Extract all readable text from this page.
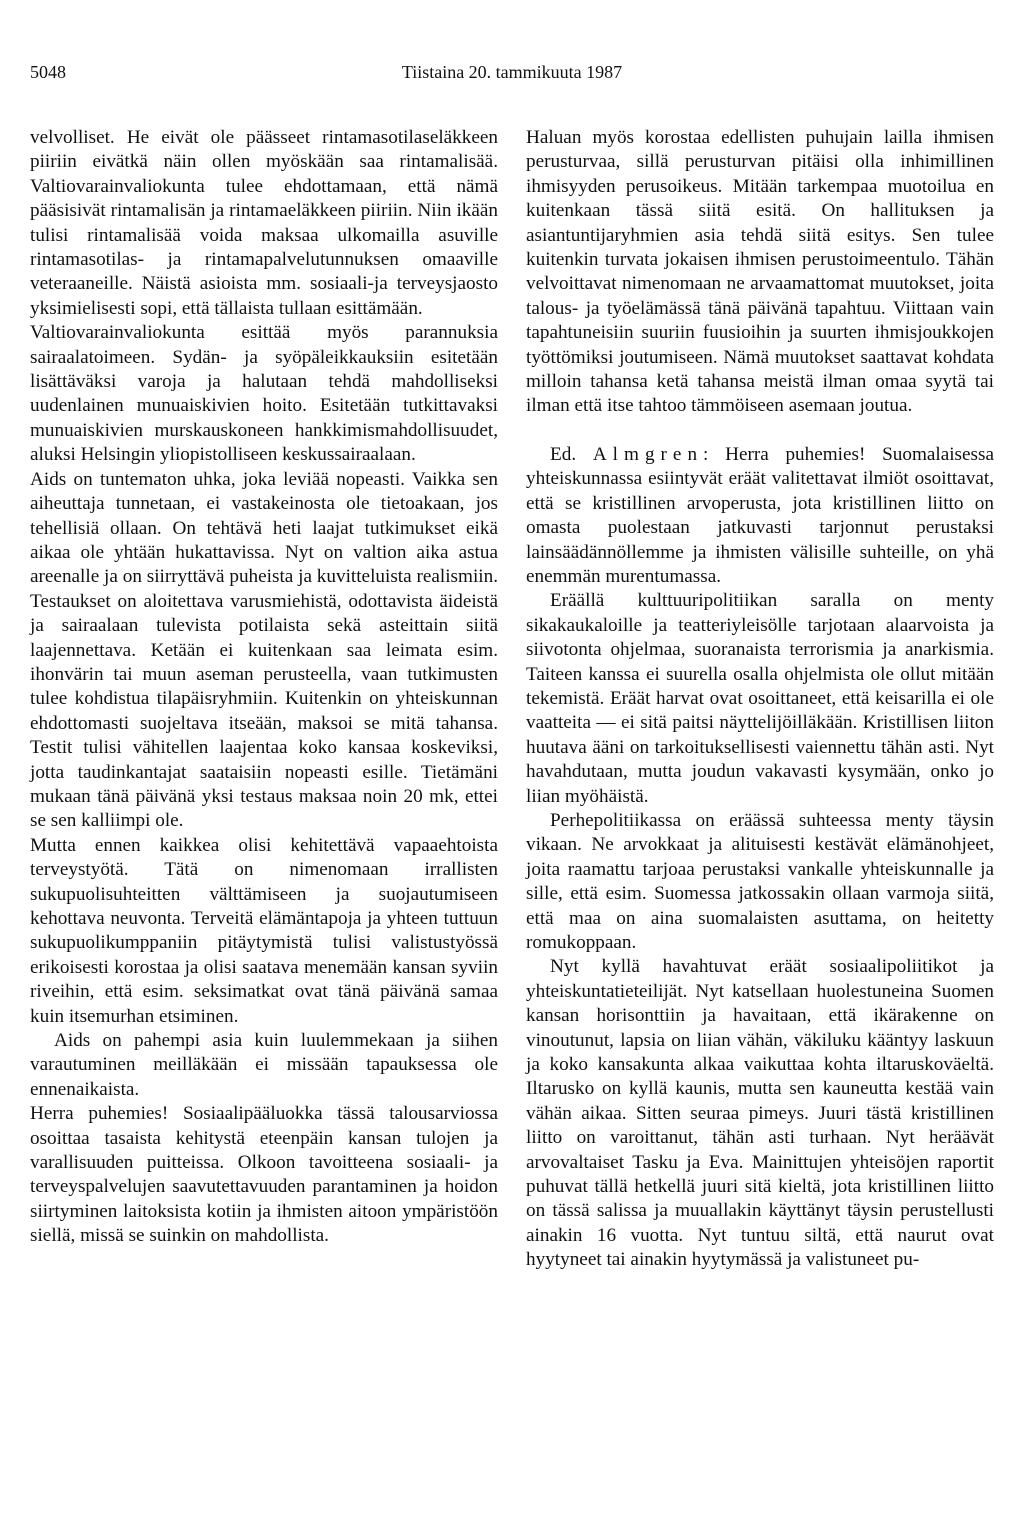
5048	Tiistaina 20. tammikuuta 1987

velvolliset. He eivät ole päässeet rintamasotilaseläkkeen piiriin eivätkä näin ollen myöskään saa rintamalisää. Valtiovarainvaliokunta tulee ehdottamaan, että nämä pääsisivät rintamalisän ja rintamaeläkkeen piiriin. Niin ikään tulisi rintamalisää voida maksaa ulkomailla asuville rintamasotilas- ja rintamapalvelutunnuksen omaaville veteraaneille. Näistä asioista mm. sosiaali-ja terveysjaosto yksimielisesti sopi, että tällaista tullaan esittämään.

Valtiovarainvaliokunta esittää myös parannuksia sairaalatoimeen. Sydän- ja syöpäleikkauksiin esitetään lisättäväksi varoja ja halutaan tehdä mahdolliseksi uudenlainen munuaiskivien hoito. Esitetään tutkittavaksi munuaiskivien murskauskoneen hankkimismahdollisuudet, aluksi Helsingin yliopistolliseen keskussairaalaan.

Aids on tuntematon uhka, joka leviää nopeasti. Vaikka sen aiheuttaja tunnetaan, ei vastakeinosta ole tietoakaan, jos tehellisiä ollaan. On tehtävä heti laajat tutkimukset eikä aikaa ole yhtään hukattavissa. Nyt on valtion aika astua areenalle ja on siirryttävä puheista ja kuvitteluista realismiin. Testaukset on aloitettava varusmiehistä, odottavista äideistä ja sairaalaan tulevista potilaista sekä asteittain siitä laajennettava. Ketään ei kuitenkaan saa leimata esim. ihonvärin tai muun aseman perusteella, vaan tutkimusten tulee kohdistua tilapäisryhmiin. Kuitenkin on yhteiskunnan ehdottomasti suojeltava itseään, maksoi se mitä tahansa. Testit tulisi vähitellen laajentaa koko kansaa koskeviksi, jotta taudinkantajat saataisiin nopeasti esille. Tietämäni mukaan tänä päivänä yksi testaus maksaa noin 20 mk, ettei se sen kalliimpi ole.

Mutta ennen kaikkea olisi kehitettävä vapaaehtoista terveystyötä. Tätä on nimenomaan irrallisten sukupuolisuhteitten välttämiseen ja suojautumiseen kehottava neuvonta. Terveitä elämäntapoja ja yhteen tuttuun sukupuolikumppaniin pitäytymistä tulisi valistustyössä erikoisesti korostaa ja olisi saatava menemään kansan syviin riveihin, että esim. seksimatkat ovat tänä päivänä samaa kuin itsemurhan etsiminen.

Aids on pahempi asia kuin luulemmekaan ja siihen varautuminen meilläkään ei missään tapauksessa ole ennenaikaista.

Herra puhemies! Sosiaalipääluokka tässä talousarviossa osoittaa tasaista kehitystä eteenpäin kansan tulojen ja varallisuuden puitteissa. Olkoon tavoitteena sosiaali- ja terveyspalvelujen saavutettavuuden parantaminen ja hoidon siirtyminen laitoksista kotiin ja ihmisten aitoon ympäristöön siellä, missä se suinkin on mahdollista.

Haluan myös korostaa edellisten puhujain lailla ihmisen perusturvaa, sillä perusturvan pitäisi olla inhimillinen ihmisyyden perusoikeus. Mitään tarkempaa muotoilua en kuitenkaan tässä siitä esitä. On hallituksen ja asiantuntijaryhmien asia tehdä siitä esitys. Sen tulee kuitenkin turvata jokaisen ihmisen perustoimeentulo. Tähän velvoittavat nimenomaan ne arvaamattomat muutokset, joita talous- ja työelämässä tänä päivänä tapahtuu. Viittaan vain tapahtuneisiin suuriin fuusioihin ja suurten ihmisjoukkojen työttömiksi joutumiseen. Nämä muutokset saattavat kohdata milloin tahansa ketä tahansa meistä ilman omaa syytä tai ilman että itse tahtoo tämmöiseen asemaan joutua.

Ed. Almgren: Herra puhemies! Suomalaisessa yhteiskunnassa esiintyvät eräät valitettavat ilmiöt osoittavat, että se kristillinen arvoperusta, jota kristillinen liitto on omasta puolestaan jatkuvasti tarjonnut perustaksi lainsäädännöllemme ja ihmisten välisille suhteille, on yhä enemmän murentumassa.

Eräällä kulttuuripolitiikan saralla on menty sikakaukaloille ja teatteriyleisölle tarjotaan alaarvoista ja siivotonta ohjelmaa, suoranaista terrorismia ja anarkismia. Taiteen kanssa ei suurella osalla ohjelmista ole ollut mitään tekemistä. Eräät harvat ovat osoittaneet, että keisarilla ei ole vaatteita — ei sitä paitsi näyttelijöilläkään. Kristillisen liiton huutava ääni on tarkoituksellisesti vaiennettu tähän asti. Nyt havahdutaan, mutta joudun vakavasti kysymään, onko jo liian myöhäistä.

Perhepolitiikassa on eräässä suhteessa menty täysin vikaan. Ne arvokkaat ja alituisesti kestävät elämänohjeet, joita raamattu tarjoaa perustaksi vankalle yhteiskunnalle ja sille, että esim. Suomessa jatkossakin ollaan varmoja siitä, että maa on aina suomalaisten asuttama, on heitetty romukoppaan.

Nyt kyllä havahtuvat eräät sosiaalipoliitikot ja yhteiskuntatieteilijät. Nyt katsellaan huolestuneina Suomen kansan horisonttiin ja havaitaan, että ikärakenne on vinoutunut, lapsia on liian vähän, väkiluku kääntyy laskuun ja koko kansakunta alkaa vaikuttaa kohta iltaruskoväeltä. Iltarusko on kyllä kaunis, mutta sen kauneutta kestää vain vähän aikaa. Sitten seuraa pimeys. Juuri tästä kristillinen liitto on varoittanut, tähän asti turhaan. Nyt heräävät arvovaltaiset Tasku ja Eva. Mainittujen yhteisöjen raportit puhuvat tällä hetkellä juuri sitä kieltä, jota kristillinen liitto on tässä salissa ja muuallakin käyttänyt täysin perustellusti ainakin 16 vuotta. Nyt tuntuu siltä, että naurut ovat hyytyneet tai ainakin hyytymässä ja valistuneet pu-
